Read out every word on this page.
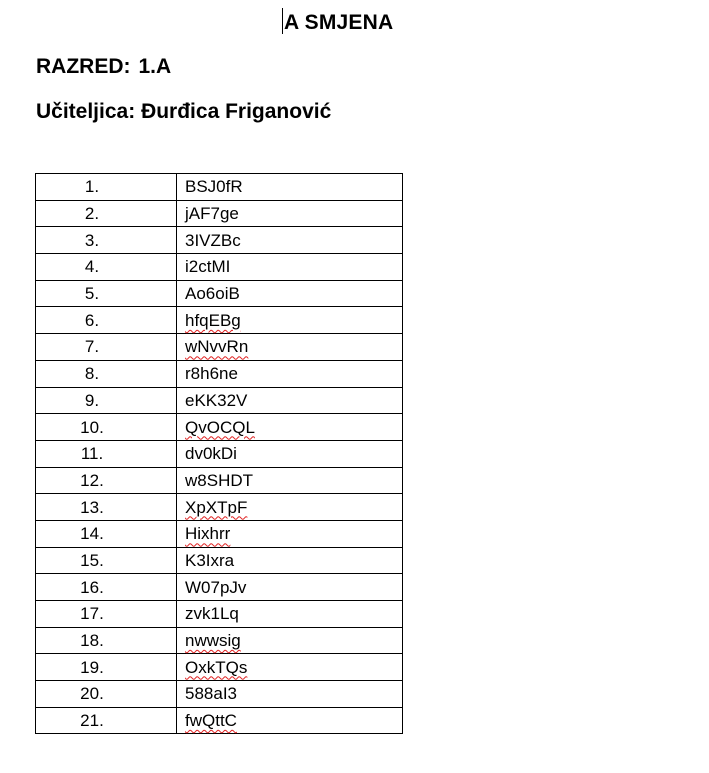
A SMJENA
RAZRED: 1.A
Učiteljica: Đurđica Friganović
1.	BSJ0fR
2.	jAF7ge
3.	3IVZBc
4.	i2ctMI
5.	Ao6oiB
6.	hfqEBg
7.	wNvvRn
8.	r8h6ne
9.	eKK32V
10.	QvOCQL
11.	dv0kDi
12.	w8SHDT
13.	XpXTpF
14.	Hixhrr
15.	K3Ixra
16.	W07pJv
17.	zvk1Lq
18.	nwwsig
19.	OxkTQs
20.	588aI3
21.	fwQttC
